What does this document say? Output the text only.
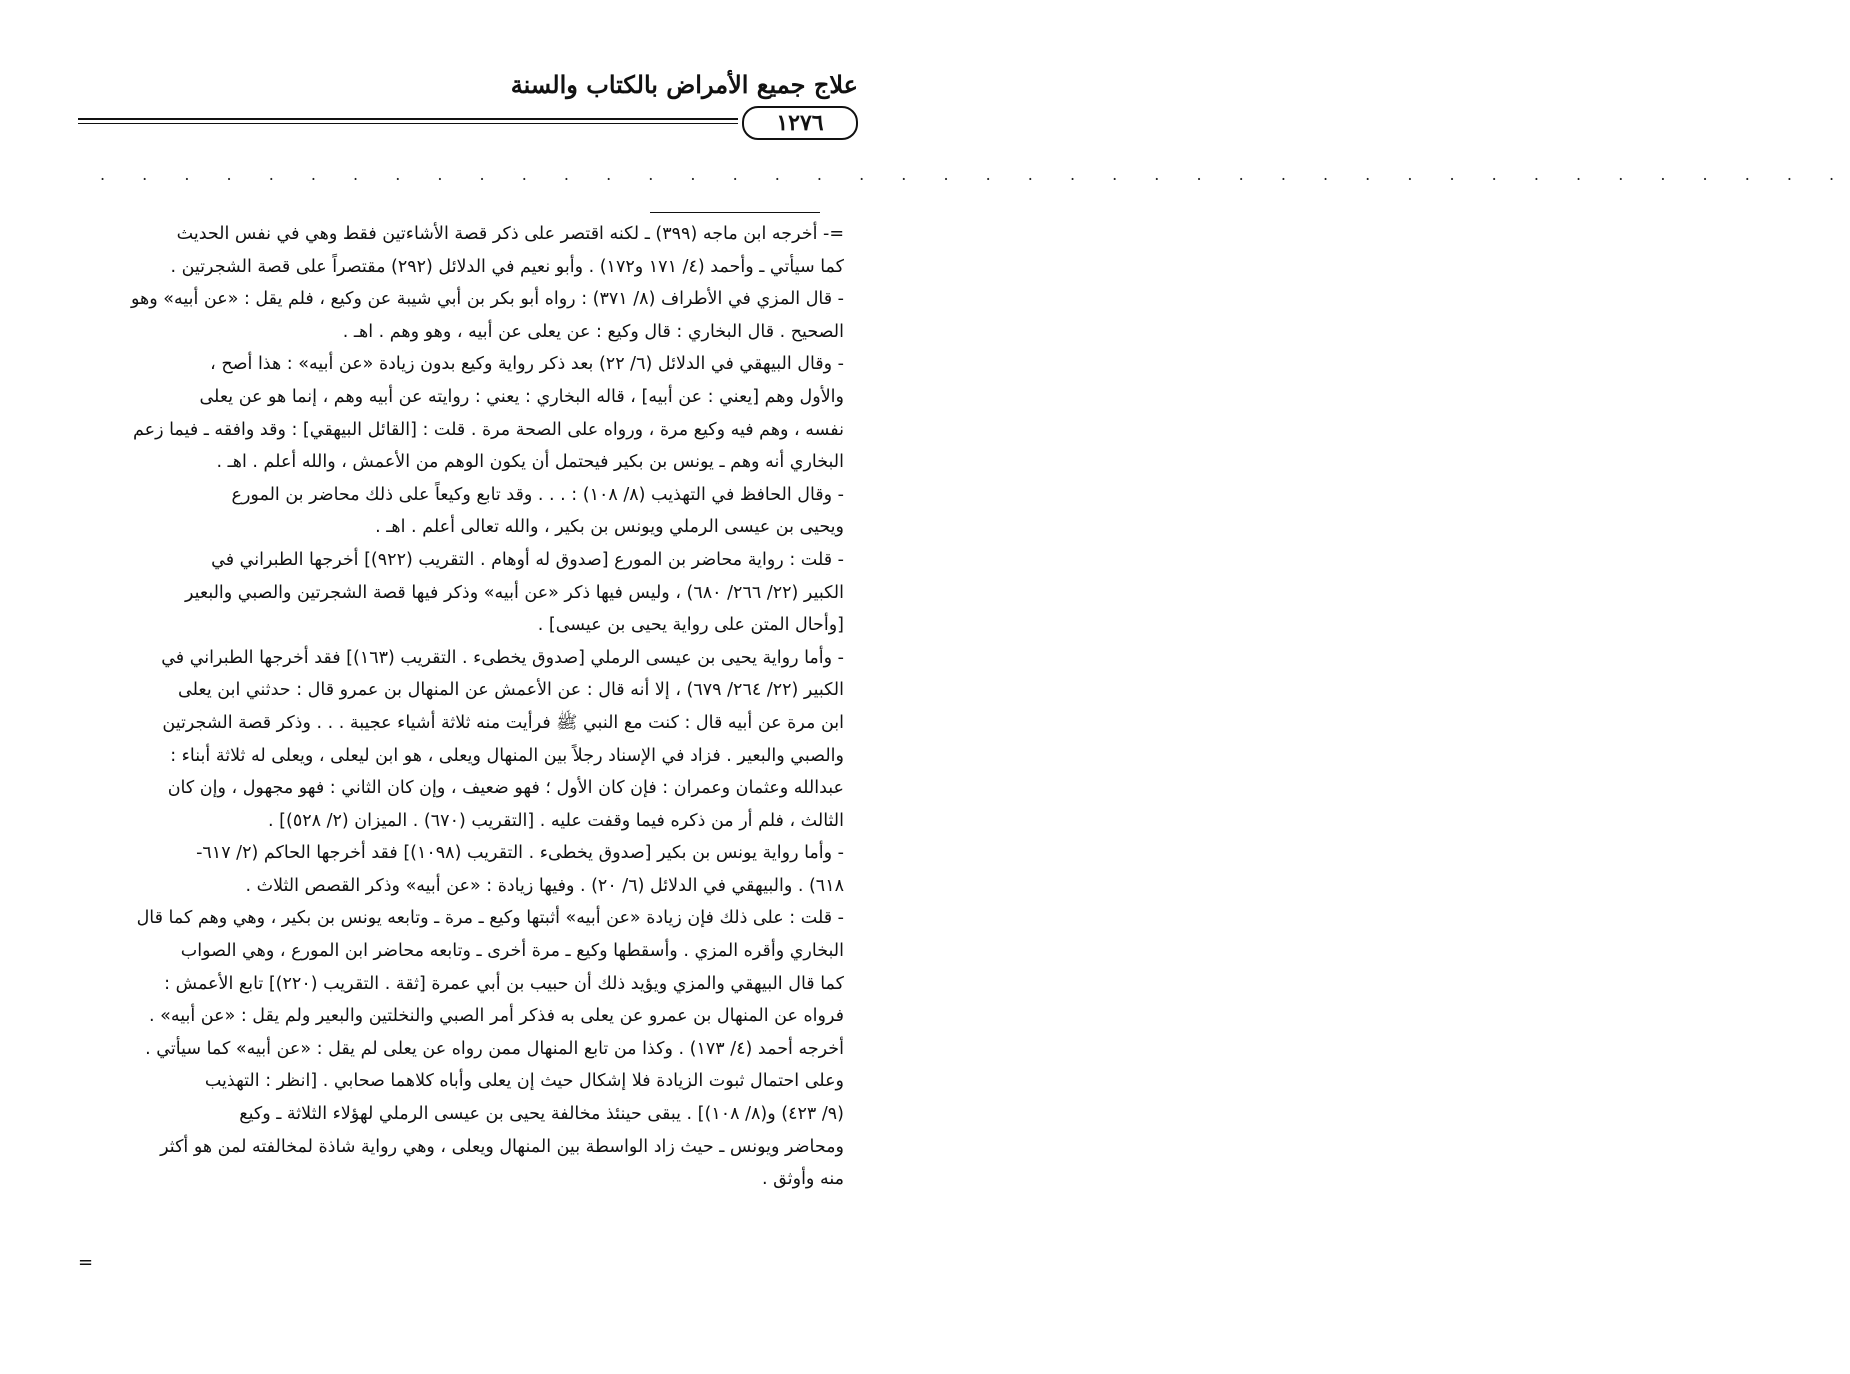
علاج جميع الأمراض بالكتاب والسنة
١٢٧٦
. . . . . . . . . . . . . . . . . . . . . . . . . . . . . . . . . . . . . . . . . .

=- أخرجه ابن ماجه (٣٩٩) ـ لكنه اقتصر على ذكر قصة الأشاءتين فقط وهي في نفس الحديث

كما سيأتي ـ وأحمد (٤/ ١٧١ و١٧٢) . وأبو نعيم في الدلائل (٢٩٢) مقتصراً على قصة الشجرتين .

- قال المزي في الأطراف (٨/ ٣٧١) : رواه أبو بكر بن أبي شيبة عن وكيع ، فلم يقل : «عن أبيه» وهو

الصحيح . قال البخاري : قال وكيع : عن يعلى عن أبيه ، وهو وهم . اهـ .

- وقال البيهقي في الدلائل (٦/ ٢٢) بعد ذكر رواية وكيع بدون زيادة «عن أبيه» : هذا أصح ،

والأول وهم [يعني : عن أبيه] ، قاله البخاري : يعني : روايته عن أبيه وهم ، إنما هو عن يعلى

نفسه ، وهم فيه وكيع مرة ، ورواه على الصحة مرة . قلت : [القائل البيهقي] : وقد وافقه ـ فيما زعم

البخاري أنه وهم ـ يونس بن بكير فيحتمل أن يكون الوهم من الأعمش ، والله أعلم . اهـ .

- وقال الحافظ في التهذيب (٨/ ١٠٨) : . . . وقد تابع وكيعاً على ذلك محاضر بن المورع

ويحيى بن عيسى الرملي ويونس بن بكير ، والله تعالى أعلم . اهـ .

- قلت : رواية محاضر بن المورع [صدوق له أوهام . التقريب (٩٢٢)] أخرجها الطبراني في

الكبير (٢٢/ ٢٦٦/ ٦٨٠) ، وليس فيها ذكر «عن أبيه» وذكر فيها قصة الشجرتين والصبي والبعير

[وأحال المتن على رواية يحيى بن عيسى] .

- وأما رواية يحيى بن عيسى الرملي [صدوق يخطىء . التقريب (١٦٣)] فقد أخرجها الطبراني في

الكبير (٢٢/ ٢٦٤/ ٦٧٩) ، إلا أنه قال : عن الأعمش عن المنهال بن عمرو قال : حدثني ابن يعلى

ابن مرة عن أبيه قال : كنت مع النبي ﷺ فرأيت منه ثلاثة أشياء عجيبة . . . وذكر قصة الشجرتين

والصبي والبعير . فزاد في الإسناد رجلاً بين المنهال ويعلى ، هو ابن ليعلى ، ويعلى له ثلاثة أبناء :

عبدالله وعثمان وعمران : فإن كان الأول ؛ فهو ضعيف ، وإن كان الثاني : فهو مجهول ، وإن كان

الثالث ، فلم أر من ذكره فيما وقفت عليه . [التقريب (٦٧٠) . الميزان (٢/ ٥٢٨)] .

- وأما رواية يونس بن بكير [صدوق يخطىء . التقريب (١٠٩٨)] فقد أخرجها الحاكم (٢/ ٦١٧-

٦١٨) . والبيهقي في الدلائل (٦/ ٢٠) . وفيها زيادة : «عن أبيه» وذكر القصص الثلاث .

- قلت : على ذلك فإن زيادة «عن أبيه» أثبتها وكيع ـ مرة ـ وتابعه يونس بن بكير ، وهي وهم كما قال

البخاري وأقره المزي . وأسقطها وكيع ـ مرة أخرى ـ وتابعه محاضر ابن المورع ، وهي الصواب

كما قال البيهقي والمزي ويؤيد ذلك أن حبيب بن أبي عمرة [ثقة . التقريب (٢٢٠)] تابع الأعمش :

فرواه عن المنهال بن عمرو عن يعلى به فذكر أمر الصبي والنخلتين والبعير ولم يقل : «عن أبيه» .

أخرجه أحمد (٤/ ١٧٣) . وكذا من تابع المنهال ممن رواه عن يعلى لم يقل : «عن أبيه» كما سيأتي .

وعلى احتمال ثبوت الزيادة فلا إشكال حيث إن يعلى وأباه كلاهما صحابي . [انظر : التهذيب

(٩/ ٤٢٣) و(٨/ ١٠٨)] . يبقى حينئذ مخالفة يحيى بن عيسى الرملي لهؤلاء الثلاثة ـ وكيع

ومحاضر ويونس ـ حيث زاد الواسطة بين المنهال ويعلى ، وهي رواية شاذة لمخالفته لمن هو أكثر

منه وأوثق .

=
